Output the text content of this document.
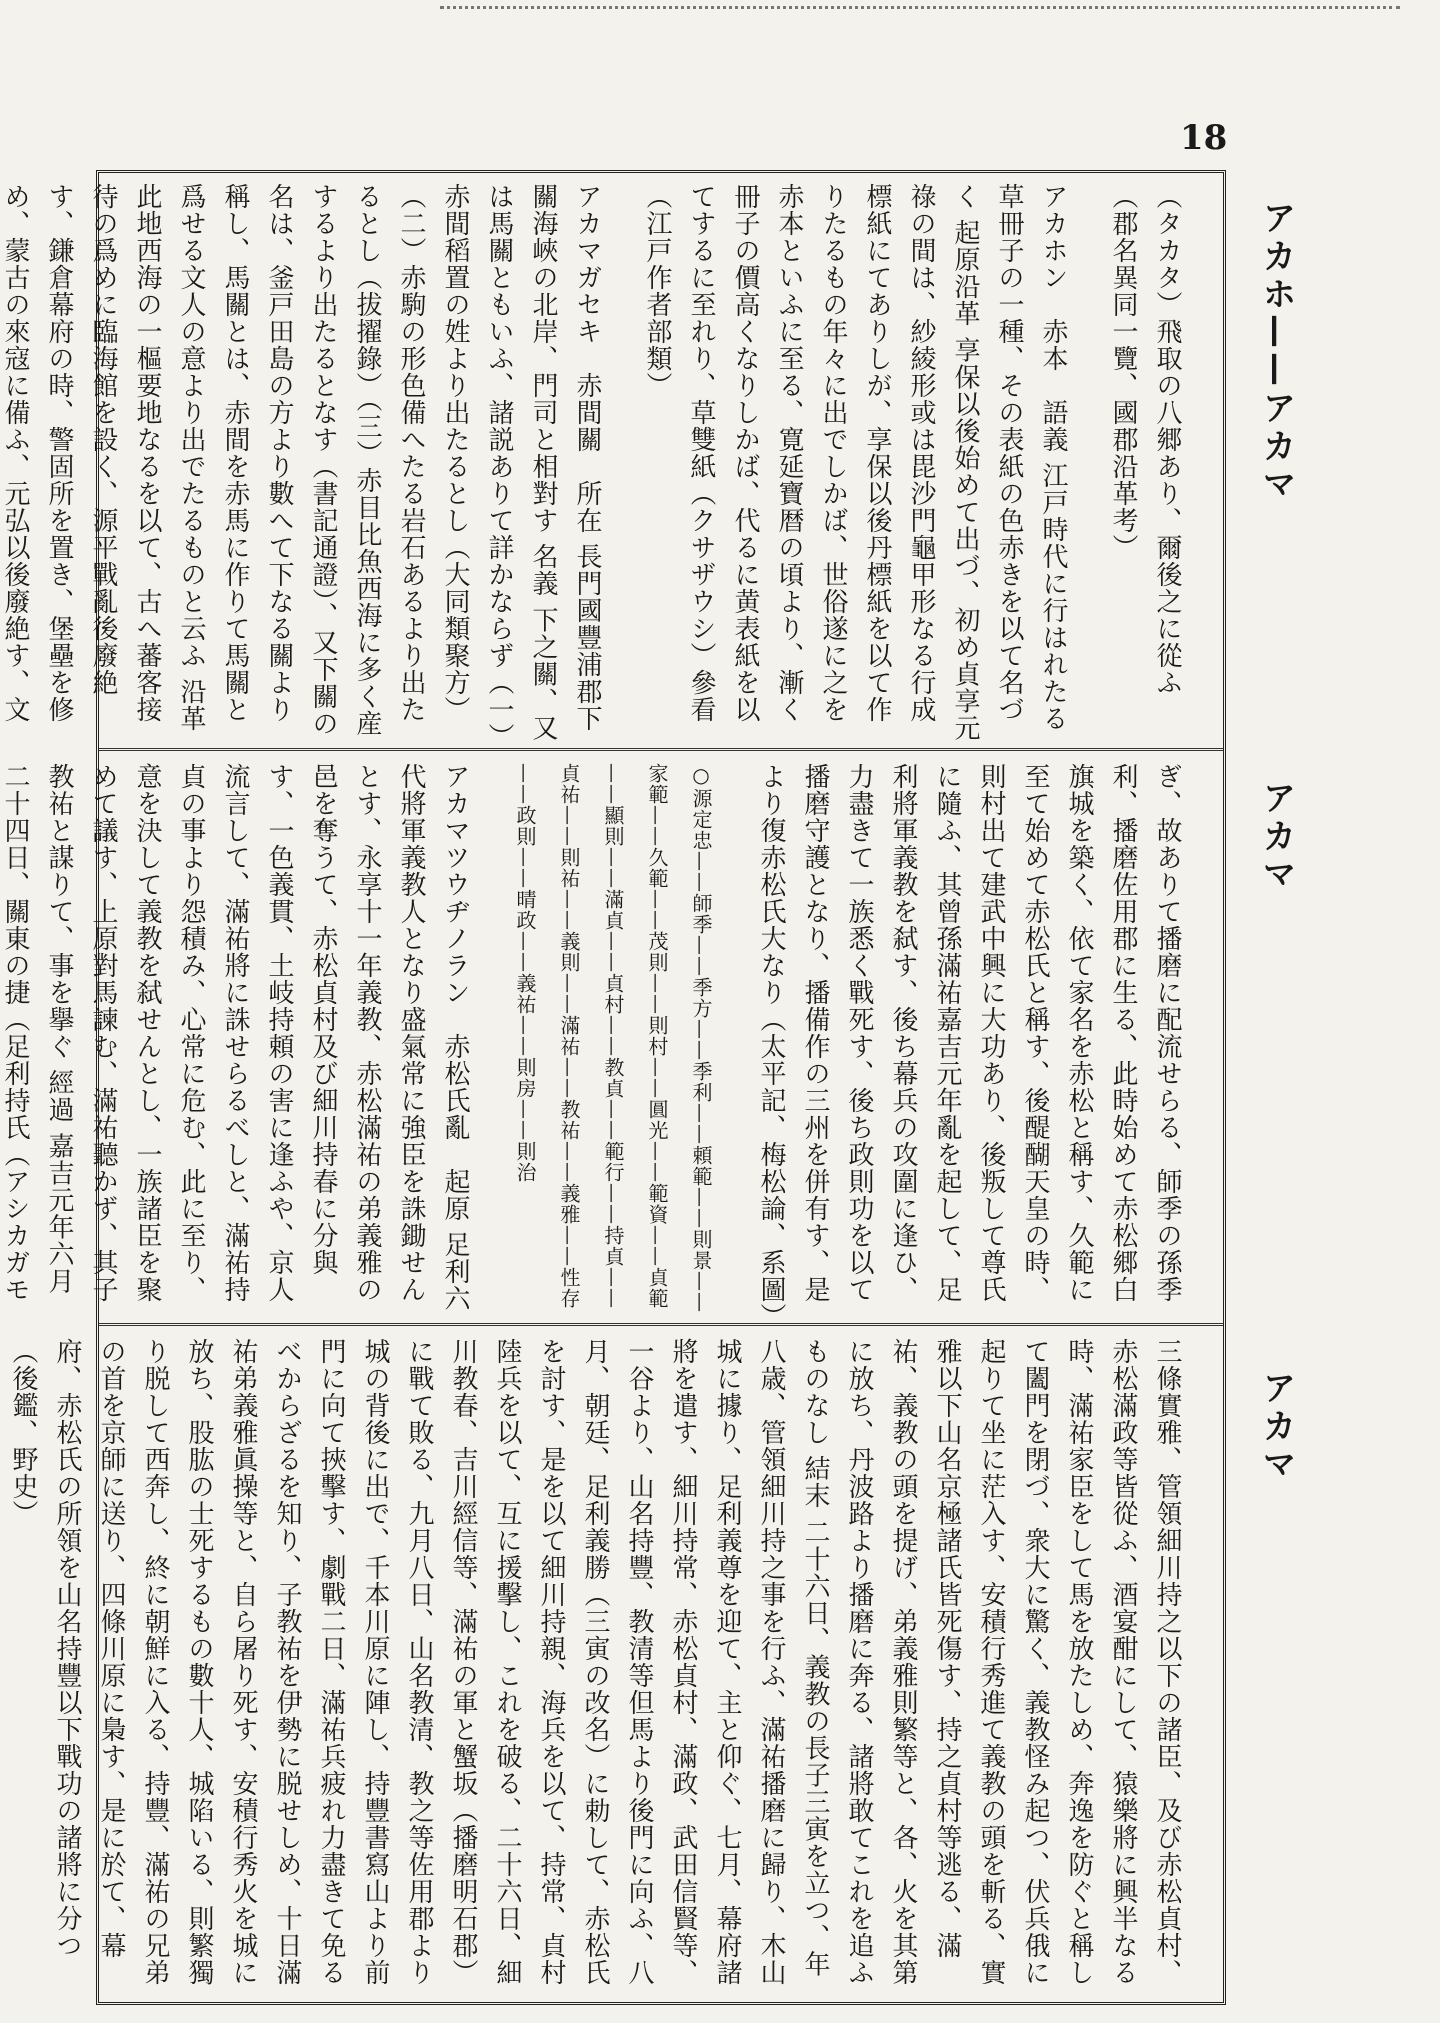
18
アカホ——アカマ
アカマ
アカマ

（タカタ）飛取の八郷あり、爾後之に從ふ（郡名異同一覽、國郡沿革考）

アカホン　赤本　語義 江戸時代に行はれたる草冊子の一種、その表紙の色赤きを以て名づく 起原沿革 享保以後始めて出づ、初め貞享元祿の間は、紗綾形或は毘沙門龜甲形なる行成標紙にてありしが、享保以後丹標紙を以て作りたるもの年々に出でしかば、世俗遂に之を赤本といふに至る、寛延寶暦の頃より、漸く冊子の價高くなりしかば、代るに黄表紙を以てするに至れり、草雙紙（クサザウシ）參看（江戸作者部類）

アカマガセキ　赤間關　所在 長門國豐浦郡下關海峽の北岸、門司と相對す 名義 下之關、又は馬關ともいふ、諸説ありて詳かならず（一）赤間稻置の姓より出たるとし（大同類聚方）（二）赤駒の形色備へたる岩石あるより出たるとし（拔擢錄）（三）赤目比魚西海に多く産するより出たるとなす（書記通證）、又下關の名は、釜戸田島の方より數へて下なる關より稱し、馬關とは、赤間を赤馬に作りて馬關と爲せる文人の意より出でたるものと云ふ 沿革 此地西海の一樞要地なるを以て、古へ蕃客接待の爲めに臨海館を設く、源平戰亂後廢絶す、鎌倉幕府の時、警固所を置き、堡壘を修め、蒙古の來寇に備ふ、元弘以後廢絶す、文

ぎ、故ありて播磨に配流せらる、師季の孫季利、播磨佐用郡に生る、此時始めて赤松郷白旗城を築く、依て家名を赤松と稱す、久範に至て始めて赤松氏と稱す、後醍醐天皇の時、則村出て建武中興に大功あり、後叛して尊氏に隨ふ、其曾孫滿祐嘉吉元年亂を起して、足利將軍義教を弑す、後ち幕兵の攻圍に逢ひ、力盡きて一族悉く戰死す、後ち政則功を以て播磨守護となり、播備作の三州を併有す、是より復赤松氏大なり（太平記、梅松論、系圖）

○源定忠——師季——季方——季利——頼範——則景——家範——久範——茂則——則村——圓光——範資——貞範——顯則——滿貞——貞村——教貞——範行——持貞——貞祐——則祐——義則——滿祐——教祐——義雅——性存——政則——晴政——義祐——則房——則治

アカマツウヂノラン　赤松氏亂　起原 足利六代將軍義教人となり盛氣常に強臣を誅鋤せんとす、永享十一年義教、赤松滿祐の弟義雅の邑を奪うて、赤松貞村及び細川持春に分與す、一色義貫、土岐持頼の害に逢ふや、京人流言して、滿祐將に誅せらるべしと、滿祐持貞の事より怨積み、心常に危む、此に至り、意を決して義教を弑せんとし、一族諸臣を聚めて議す、上原對馬諫む、滿祐聽かず、其子教祐と謀りて、事を擧ぐ 經過 嘉吉元年六月二十四日、關東の捷（足利持氏（アシカガモ

三條實雅、管領細川持之以下の諸臣、及び赤松貞村、赤松滿政等皆從ふ、酒宴酣にして、猿樂將に興半なる時、滿祐家臣をして馬を放たしめ、奔逸を防ぐと稱して闔門を閉づ、衆大に驚く、義教怪み起つ、伏兵俄に起りて坐に茫入す、安積行秀進て義教の頭を斬る、實雅以下山名京極諸氏皆死傷す、持之貞村等逃る、滿祐、義教の頭を提げ、弟義雅則繁等と、各、火を其第に放ち、丹波路より播磨に奔る、諸將敢てこれを追ふものなし 結末 二十六日、義教の長子三寅を立つ、年八歳、管領細川持之事を行ふ、滿祐播磨に歸り、木山城に據り、足利義尊を迎て、主と仰ぐ、七月、幕府諸將を遣す、細川持常、赤松貞村、滿政、武田信賢等、一谷より、山名持豐、教清等但馬より後門に向ふ、八月、朝廷、足利義勝（三寅の改名）に勅して、赤松氏を討す、是を以て細川持親、海兵を以て、持常、貞村陸兵を以て、互に援擊し、これを破る、二十六日、細川教春、吉川經信等、滿祐の軍と蟹坂（播磨明石郡）に戰て敗る、九月八日、山名教清、教之等佐用郡より城の背後に出で、千本川原に陣し、持豐書寫山より前門に向て挾擊す、劇戰二日、滿祐兵疲れ力盡きて免るべからざるを知り、子教祐を伊勢に脱せしめ、十日滿祐弟義雅眞操等と、自ら屠り死す、安積行秀火を城に放ち、股肱の士死するもの數十人、城陷いる、則繁獨り脱して西奔し、終に朝鮮に入る、持豐、滿祐の兄弟の首を京師に送り、四條川原に梟す、是に於て、幕府、赤松氏の所領を山名持豐以下戰功の諸將に分つ（後鑑、野史）
